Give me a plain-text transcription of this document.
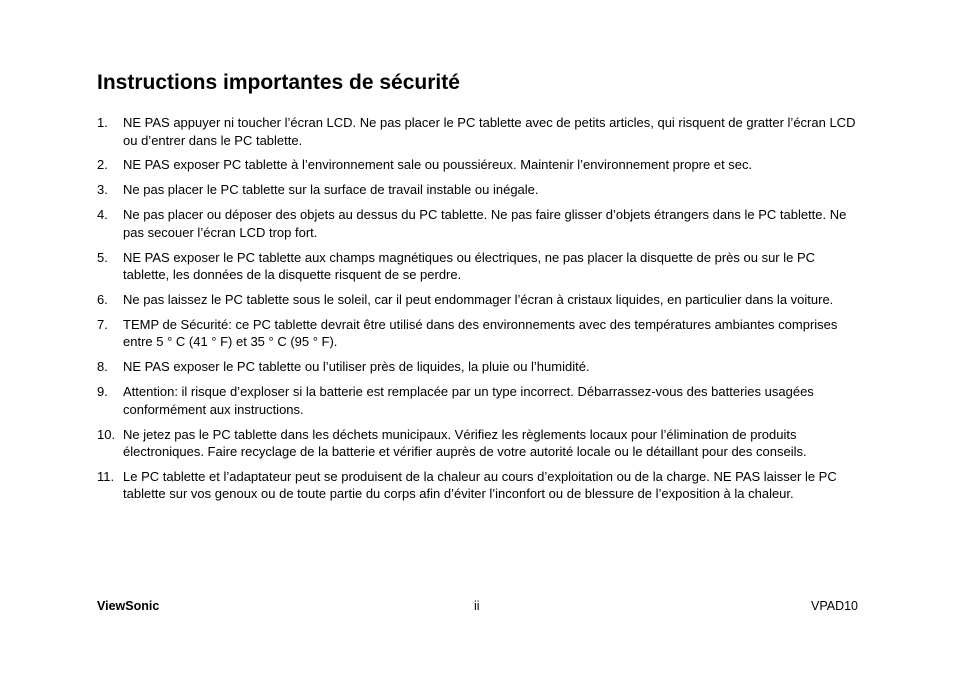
Instructions importantes de sécurité
1. NE PAS appuyer ni toucher l’écran LCD. Ne pas placer le PC tablette avec de petits articles, qui risquent de gratter l’écran LCD ou d’entrer dans le PC tablette.
2. NE PAS exposer PC tablette à l’environnement sale ou poussiéreux. Maintenir l’environnement propre et sec.
3. Ne pas placer le PC tablette sur la surface de travail instable ou inégale.
4. Ne pas placer ou déposer des objets au dessus du PC tablette. Ne pas faire glisser d’objets étrangers dans le PC tablette. Ne pas secouer l’écran LCD trop fort.
5. NE PAS exposer le PC tablette aux champs magnétiques ou électriques, ne pas placer la disquette de près ou sur le PC tablette, les données de la disquette risquent de se perdre.
6. Ne pas laissez le PC tablette sous le soleil, car il peut endommager l’écran à cristaux liquides, en particulier dans la voiture.
7. TEMP de Sécurité: ce PC tablette devrait être utilisé dans des environnements avec des températures ambiantes comprises entre 5 ° C (41 ° F) et 35 ° C (95 ° F).
8. NE PAS exposer le PC tablette ou l’utiliser près de liquides, la pluie ou l’humidité.
9. Attention: il risque d’exploser si la batterie est remplacée par un type incorrect. Débarrassez-vous des batteries usagées conformément aux instructions.
10. Ne jetez pas le PC tablette dans les déchets municipaux. Vérifiez les règlements locaux pour l’élimination de produits électroniques. Faire recyclage de la batterie et vérifier auprès de votre autorité locale ou le détaillant pour des conseils.
11. Le PC tablette et l’adaptateur peut se produisent de la chaleur au cours d’exploitation ou de la charge. NE PAS laisser le PC tablette sur vos genoux ou de toute partie du corps afin d’éviter l’inconfort ou de blessure de l’exposition à la chaleur.
ViewSonic	ii	VPAD10
